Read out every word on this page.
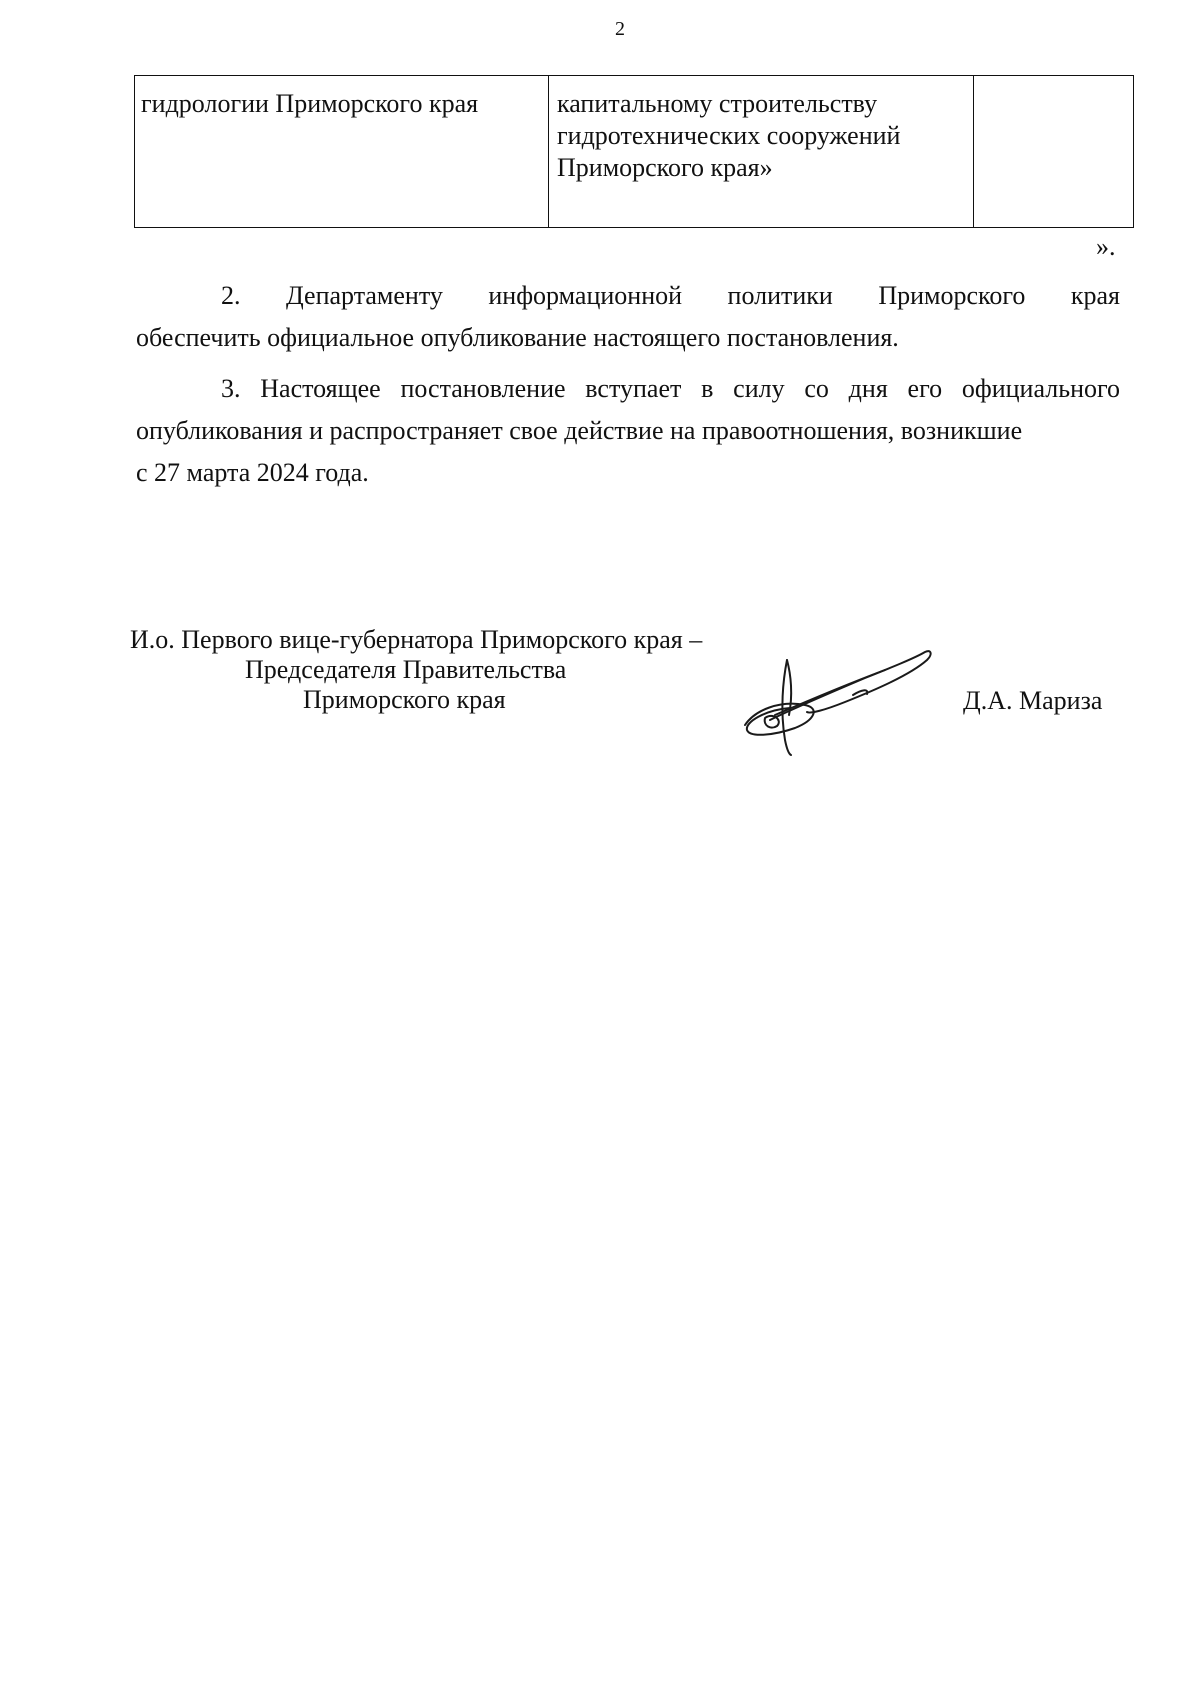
2
гидрологии Приморского края	капитальному строительству
гидротехнических сооружений
Приморского края»
».
2. Департаменту информационной политики Приморского края
обеспечить официальное опубликование настоящего постановления.
3. Настоящее постановление вступает в силу со дня его официального
опубликования и распространяет свое действие на правоотношения, возникшие
с 27 марта 2024 года.
И.о. Первого вице-губернатора Приморского края –
Председателя Правительства
Приморского края	Д.А. Мариза
